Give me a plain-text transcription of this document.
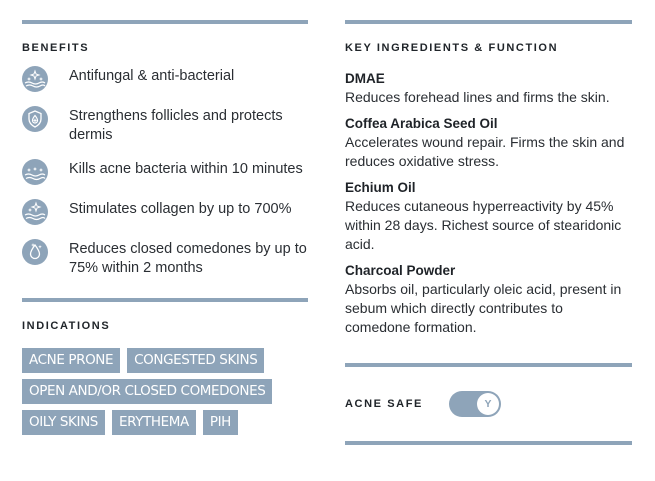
BENEFITS
Antifungal & anti-bacterial
Strengthens follicles and protects dermis
Kills acne bacteria within 10 minutes
Stimulates collagen by up to 700%
Reduces closed comedones by up to 75% within 2 months
INDICATIONS
ACNE PRONE	CONGESTED SKINS
OPEN AND/OR CLOSED COMEDONES
OILY SKINS	ERYTHEMA	PIH
KEY INGREDIENTS & FUNCTION
DMAE
Reduces forehead lines and firms the skin.
Coffea Arabica Seed Oil
Accelerates wound repair. Firms the skin and reduces oxidative stress.
Echium Oil
Reduces cutaneous hyperreactivity by 45% within 28 days. Richest source of stearidonic acid.
Charcoal Powder
Absorbs oil, particularly oleic acid, present in sebum which directly contributes to comedone formation.
ACNE SAFE	Y
